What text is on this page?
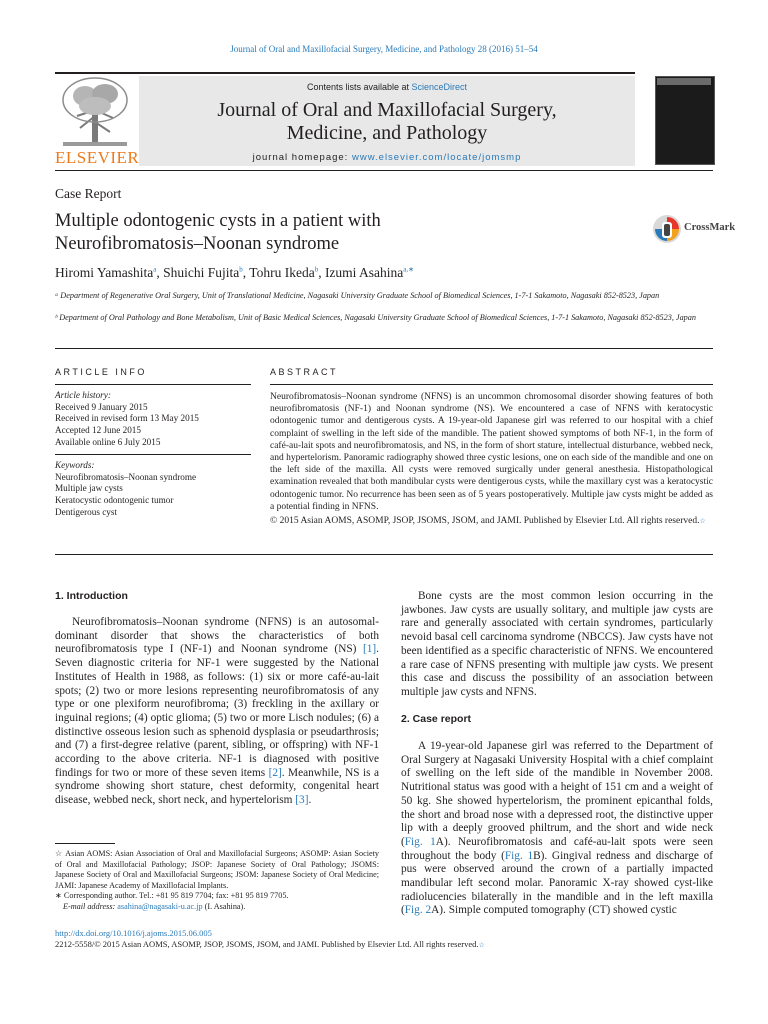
Journal of Oral and Maxillofacial Surgery, Medicine, and Pathology 28 (2016) 51–54
ELSEVIER
Contents lists available at ScienceDirect
Journal of Oral and Maxillofacial Surgery,
Medicine, and Pathology
journal homepage: www.elsevier.com/locate/jomsmp
Case Report
Multiple odontogenic cysts in a patient with
Neurofibromatosis–Noonan syndrome
CrossMark
Hiromi Yamashita$^a$, Shuichi Fujita$^b$, Tohru Ikeda$^b$, Izumi Asahina$^{a,∗}$
ᵃ Department of Regenerative Oral Surgery, Unit of Translational Medicine, Nagasaki University Graduate School of Biomedical Sciences, 1-7-1 Sakamoto, Nagasaki 852-8523, Japan
ᵇ Department of Oral Pathology and Bone Metabolism, Unit of Basic Medical Sciences, Nagasaki University Graduate School of Biomedical Sciences, 1-7-1 Sakamoto, Nagasaki 852-8523, Japan
ARTICLE INFO
Article history:
Received 9 January 2015
Received in revised form 13 May 2015
Accepted 12 June 2015
Available online 6 July 2015
Keywords:
Neurofibromatosis–Noonan syndrome
Multiple jaw cysts
Keratocystic odontogenic tumor
Dentigerous cyst
ABSTRACT
Neurofibromatosis–Noonan syndrome (NFNS) is an uncommon chromosomal disorder showing features of both neurofibromatosis (NF-1) and Noonan syndrome (NS). We encountered a case of NFNS with keratocystic odontogenic tumor and dentigerous cysts. A 19-year-old Japanese girl was referred to our hospital with a chief complaint of swelling in the left side of the mandible. The patient showed symptoms of both NF-1, in the form of café-au-lait spots and neurofibromatosis, and NS, in the form of short stature, intellectual disturbance, webbed neck, and hypertelorism. Panoramic radiography showed three cystic lesions, one on each side of the mandible and one on the left side of the maxilla. All cysts were removed surgically under general anesthesia. Histopathological examination revealed that both mandibular cysts were dentigerous cysts, while the maxillary cyst was a keratocystic odontogenic tumor. No recurrence has been seen as of 5 years postoperatively. Multiple jaw cysts might be added as a potential finding in NFNS.
© 2015 Asian AOMS, ASOMP, JSOP, JSOMS, JSOM, and JAMI. Published by Elsevier Ltd. All rights reserved.☆
1. Introduction
Neurofibromatosis–Noonan syndrome (NFNS) is an autosomal-dominant disorder that shows the characteristics of both neurofibromatosis type I (NF-1) and Noonan syndrome (NS) [1]. Seven diagnostic criteria for NF-1 were suggested by the National Institutes of Health in 1988, as follows: (1) six or more café-au-lait spots; (2) two or more lesions representing neurofibromatosis of any type or one plexiform neurofibroma; (3) freckling in the axillary or inguinal regions; (4) optic glioma; (5) two or more Lisch nodules; (6) a distinctive osseous lesion such as sphenoid dysplasia or pseudarthrosis; and (7) a first-degree relative (parent, sibling, or offspring) with NF-1 according to the above criteria. NF-1 is diagnosed with positive findings for two or more of these seven items [2]. Meanwhile, NS is a syndrome showing short stature, chest deformity, congenital heart disease, webbed neck, short neck, and hypertelorism [3].
☆ Asian AOMS: Asian Association of Oral and Maxillofacial Surgeons; ASOMP: Asian Society of Oral and Maxillofacial Pathology; JSOP: Japanese Society of Oral Pathology; JSOMS: Japanese Society of Oral and Maxillofacial Surgeons; JSOM: Japanese Society of Oral Medicine; JAMI: Japanese Academy of Maxillofacial Implants.
∗ Corresponding author. Tel.: +81 95 819 7704; fax: +81 95 819 7705.
E-mail address: asahina@nagasaki-u.ac.jp (I. Asahina).
Bone cysts are the most common lesion occurring in the jawbones. Jaw cysts are usually solitary, and multiple jaw cysts are rare and generally associated with certain syndromes, particularly nevoid basal cell carcinoma syndrome (NBCCS). Jaw cysts have not been identified as a specific characteristic of NFNS. We encountered a rare case of NFNS presenting with multiple jaw cysts. We present this case and discuss the possibility of an association between multiple jaw cysts and NFNS.
2. Case report
A 19-year-old Japanese girl was referred to the Department of Oral Surgery at Nagasaki University Hospital with a chief complaint of swelling on the left side of the mandible in November 2008. Nutritional status was good with a height of 151 cm and a weight of 50 kg. She showed hypertelorism, the prominent epicanthal folds, the short and broad nose with a depressed root, the distinctive upper lip with a deeply grooved philtrum, and the short and wide neck (Fig. 1A). Neurofibromatosis and café-au-lait spots were seen throughout the body (Fig. 1B). Gingival redness and discharge of pus were observed around the crown of a partially impacted mandibular left second molar. Panoramic X-ray showed cyst-like radiolucencies bilaterally in the mandible and in the left maxilla (Fig. 2A). Simple computed tomography (CT) showed cystic
http://dx.doi.org/10.1016/j.ajoms.2015.06.005
2212-5558/© 2015 Asian AOMS, ASOMP, JSOP, JSOMS, JSOM, and JAMI. Published by Elsevier Ltd. All rights reserved.☆
